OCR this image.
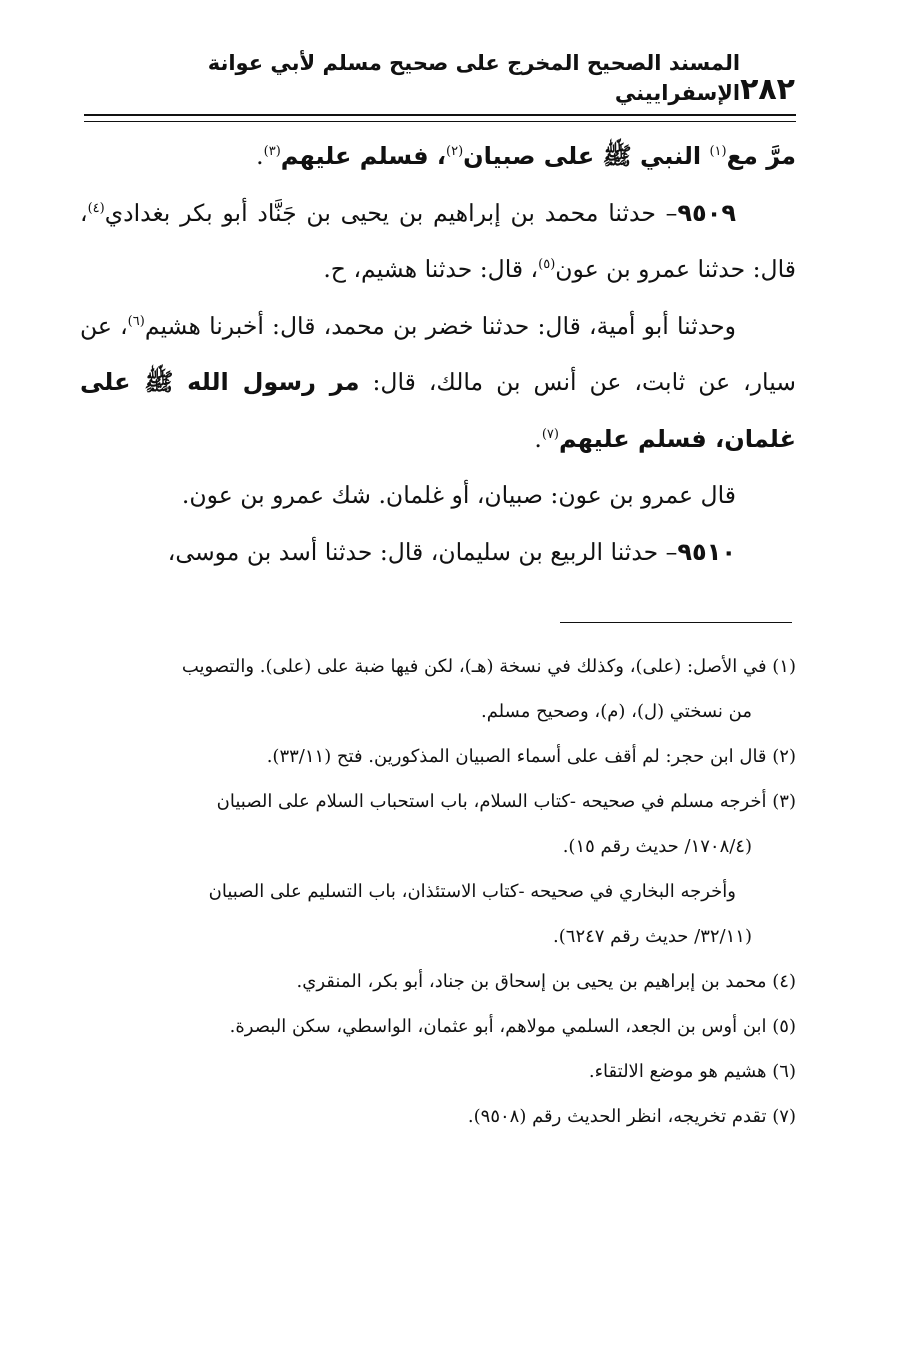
٢٨٢
المسند الصحيح المخرج على صحيح مسلم لأبي عوانة الإسفراييني

مرَّ مع$^{(١)}$ النبي ﷺ على صبيان$^{(٢)}$، فسلم عليهم$^{(٣)}$.

٩٥٠٩– حدثنا محمد بن إبراهيم بن يحيى بن جَنَّاد أبو بكر بغدادي$^{(٤)}$، قال: حدثنا عمرو بن عون$^{(٥)}$، قال: حدثنا هشيم، ح.

وحدثنا أبو أمية، قال: حدثنا خضر بن محمد، قال: أخبرنا هشيم$^{(٦)}$، عن سيار، عن ثابت، عن أنس بن مالك، قال: مر رسول الله ﷺ على غلمان، فسلم عليهم$^{(٧)}$.

قال عمرو بن عون: صبيان، أو غلمان. شك عمرو بن عون.

٩٥١٠– حدثنا الربيع بن سليمان، قال: حدثنا أسد بن موسى،

(١) في الأصل: (على)، وكذلك في نسخة (هـ)، لكن فيها ضبة على (على). والتصويب

من نسختي (ل)، (م)، وصحيح مسلم.

(٢) قال ابن حجر: لم أقف على أسماء الصبيان المذكورين. فتح (٣٣/١١).

(٣) أخرجه مسلم في صحيحه -كتاب السلام، باب استحباب السلام على الصبيان

(١٧٠٨/٤/ حديث رقم ١٥).

وأخرجه البخاري في صحيحه -كتاب الاستئذان، باب التسليم على الصبيان

(٣٢/١١/ حديث رقم ٦٢٤٧).

(٤) محمد بن إبراهيم بن يحيى بن إسحاق بن جناد، أبو بكر، المنقري.

(٥) ابن أوس بن الجعد، السلمي مولاهم، أبو عثمان، الواسطي، سكن البصرة.

(٦) هشيم هو موضع الالتقاء.

(٧) تقدم تخريجه، انظر الحديث رقم (٩٥٠٨).
